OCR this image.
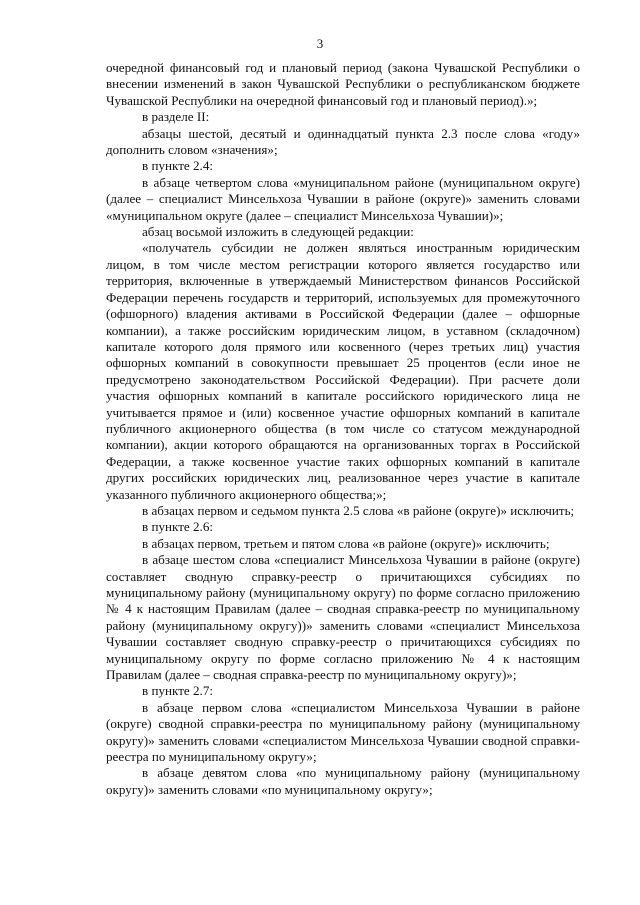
3

очередной финансовый год и плановый период (закона Чувашской Республики о внесении изменений в закон Чувашской Республики о республиканском бюджете Чувашской Республики на очередной финансовый год и плановый период).»;

в разделе II:

абзацы шестой, десятый и одиннадцатый пункта 2.3 после слова «году» дополнить словом «значения»;

в пункте 2.4:

в абзаце четвертом слова «муниципальном районе (муниципальном округе) (далее – специалист Минсельхоза Чувашии в районе (округе)» заменить словами «муниципальном округе (далее – специалист Минсельхоза Чувашии)»;

абзац восьмой изложить в следующей редакции:

«получатель субсидии не должен являться иностранным юридическим лицом, в том числе местом регистрации которого является государство или территория, включенные в утверждаемый Министерством финансов Российской Федерации перечень государств и территорий, используемых для промежуточного (офшорного) владения активами в Российской Федерации (далее – офшорные компании), а также российским юридическим лицом, в уставном (складочном) капитале которого доля прямого или косвенного (через третьих лиц) участия офшорных компаний в совокупности превышает 25 процентов (если иное не предусмотрено законодательством Российской Федерации). При расчете доли участия офшорных компаний в капитале российского юридического лица не учитывается прямое и (или) косвенное участие офшорных компаний в капитале публичного акционерного общества (в том числе со статусом международной компании), акции которого обращаются на организованных торгах в Российской Федерации, а также косвенное участие таких офшорных компаний в капитале других российских юридических лиц, реализованное через участие в капитале указанного публичного акционерного общества;»;

в абзацах первом и седьмом пункта 2.5 слова «в районе (округе)» исключить;

в пункте 2.6:

в абзацах первом, третьем и пятом слова «в районе (округе)» исключить;

в абзаце шестом слова «специалист Минсельхоза Чувашии в районе (округе) составляет сводную справку-реестр о причитающихся субсидиях по муниципальному району (муниципальному округу) по форме согласно приложению № 4 к настоящим Правилам (далее – сводная справка-реестр по муниципальному району (муниципальному округу))» заменить словами «специалист Минсельхоза Чувашии составляет сводную справку-реестр о причитающихся субсидиях по муниципальному округу по форме согласно приложению № 4 к настоящим Правилам (далее – сводная справка-реестр по муниципальному округу)»;

в пункте 2.7:

в абзаце первом слова «специалистом Минсельхоза Чувашии в районе (округе) сводной справки-реестра по муниципальному району (муниципальному округу)» заменить словами «специалистом Минсельхоза Чувашии сводной справки-реестра по муниципальному округу»;

в абзаце девятом слова «по муниципальному району (муниципальному округу)» заменить словами «по муниципальному округу»;
